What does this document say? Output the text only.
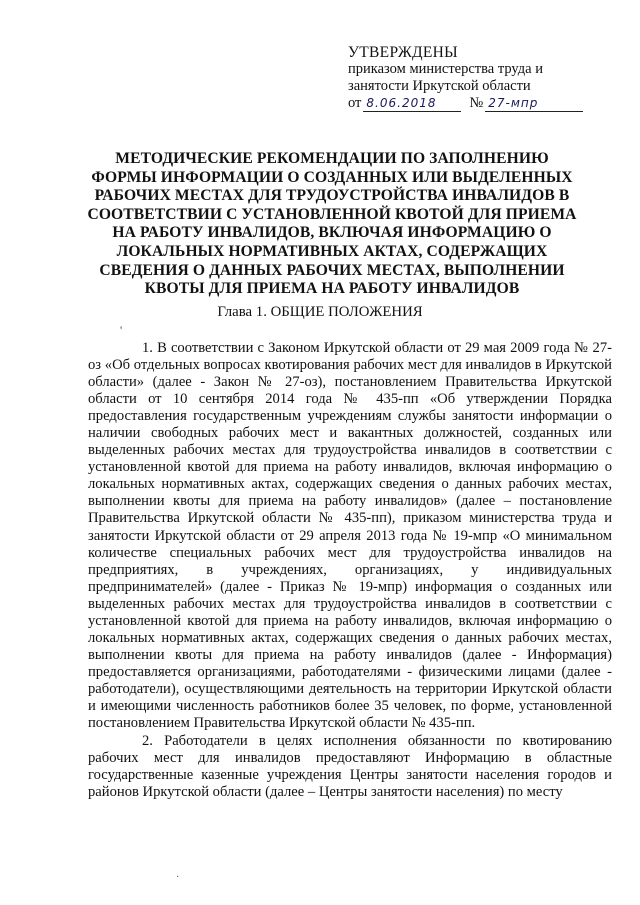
УТВЕРЖДЕНЫ
приказом министерства труда и
занятости Иркутской области
от 8.06.2018	№ 27-мпр
МЕТОДИЧЕСКИЕ РЕКОМЕНДАЦИИ ПО ЗАПОЛНЕНИЮ ФОРМЫ ИНФОРМАЦИИ О СОЗДАННЫХ ИЛИ ВЫДЕЛЕННЫХ РАБОЧИХ МЕСТАХ ДЛЯ ТРУДОУСТРОЙСТВА ИНВАЛИДОВ В СООТВЕТСТВИИ С УСТАНОВЛЕННОЙ КВОТОЙ ДЛЯ ПРИЕМА НА РАБОТУ ИНВАЛИДОВ, ВКЛЮЧАЯ ИНФОРМАЦИЮ О ЛОКАЛЬНЫХ НОРМАТИВНЫХ АКТАХ, СОДЕРЖАЩИХ СВЕДЕНИЯ О ДАННЫХ РАБОЧИХ МЕСТАХ, ВЫПОЛНЕНИИ КВОТЫ ДЛЯ ПРИЕМА НА РАБОТУ ИНВАЛИДОВ
Глава 1. ОБЩИЕ ПОЛОЖЕНИЯ
'

1. В соответствии с Законом Иркутской области от 29 мая 2009 года № 27-оз «Об отдельных вопросах квотирования рабочих мест для инвалидов в Иркутской области» (далее - Закон № 27-оз), постановлением Правительства Иркутской области от 10 сентября 2014 года № 435-пп «Об утверждении Порядка предоставления государственным учреждениям службы занятости информации о наличии свободных рабочих мест и вакантных должностей, созданных или выделенных рабочих местах для трудоустройства инвалидов в соответствии с установленной квотой для приема на работу инвалидов, включая информацию о локальных нормативных актах, содержащих сведения о данных рабочих местах, выполнении квоты для приема на работу инвалидов» (далее – постановление Правительства Иркутской области № 435-пп), приказом министерства труда и занятости Иркутской области от 29 апреля 2013 года № 19-мпр «О минимальном количестве специальных рабочих мест для трудоустройства инвалидов на предприятиях, в учреждениях, организациях, у индивидуальных предпринимателей» (далее - Приказ № 19-мпр) информация о созданных или выделенных рабочих местах для трудоустройства инвалидов в соответствии с установленной квотой для приема на работу инвалидов, включая информацию о локальных нормативных актах, содержащих сведения о данных рабочих местах, выполнении квоты для приема на работу инвалидов (далее - Информация) предоставляется организациями, работодателями - физическими лицами (далее - работодатели), осуществляющими деятельность на территории Иркутской области и имеющими численность работников более 35 человек, по форме, установленной постановлением Правительства Иркутской области № 435-пп.

2. Работодатели в целях исполнения обязанности по квотированию рабочих мест для инвалидов предоставляют Информацию в областные государственные казенные учреждения Центры занятости населения городов и районов Иркутской области (далее – Центры занятости населения) по месту

·
